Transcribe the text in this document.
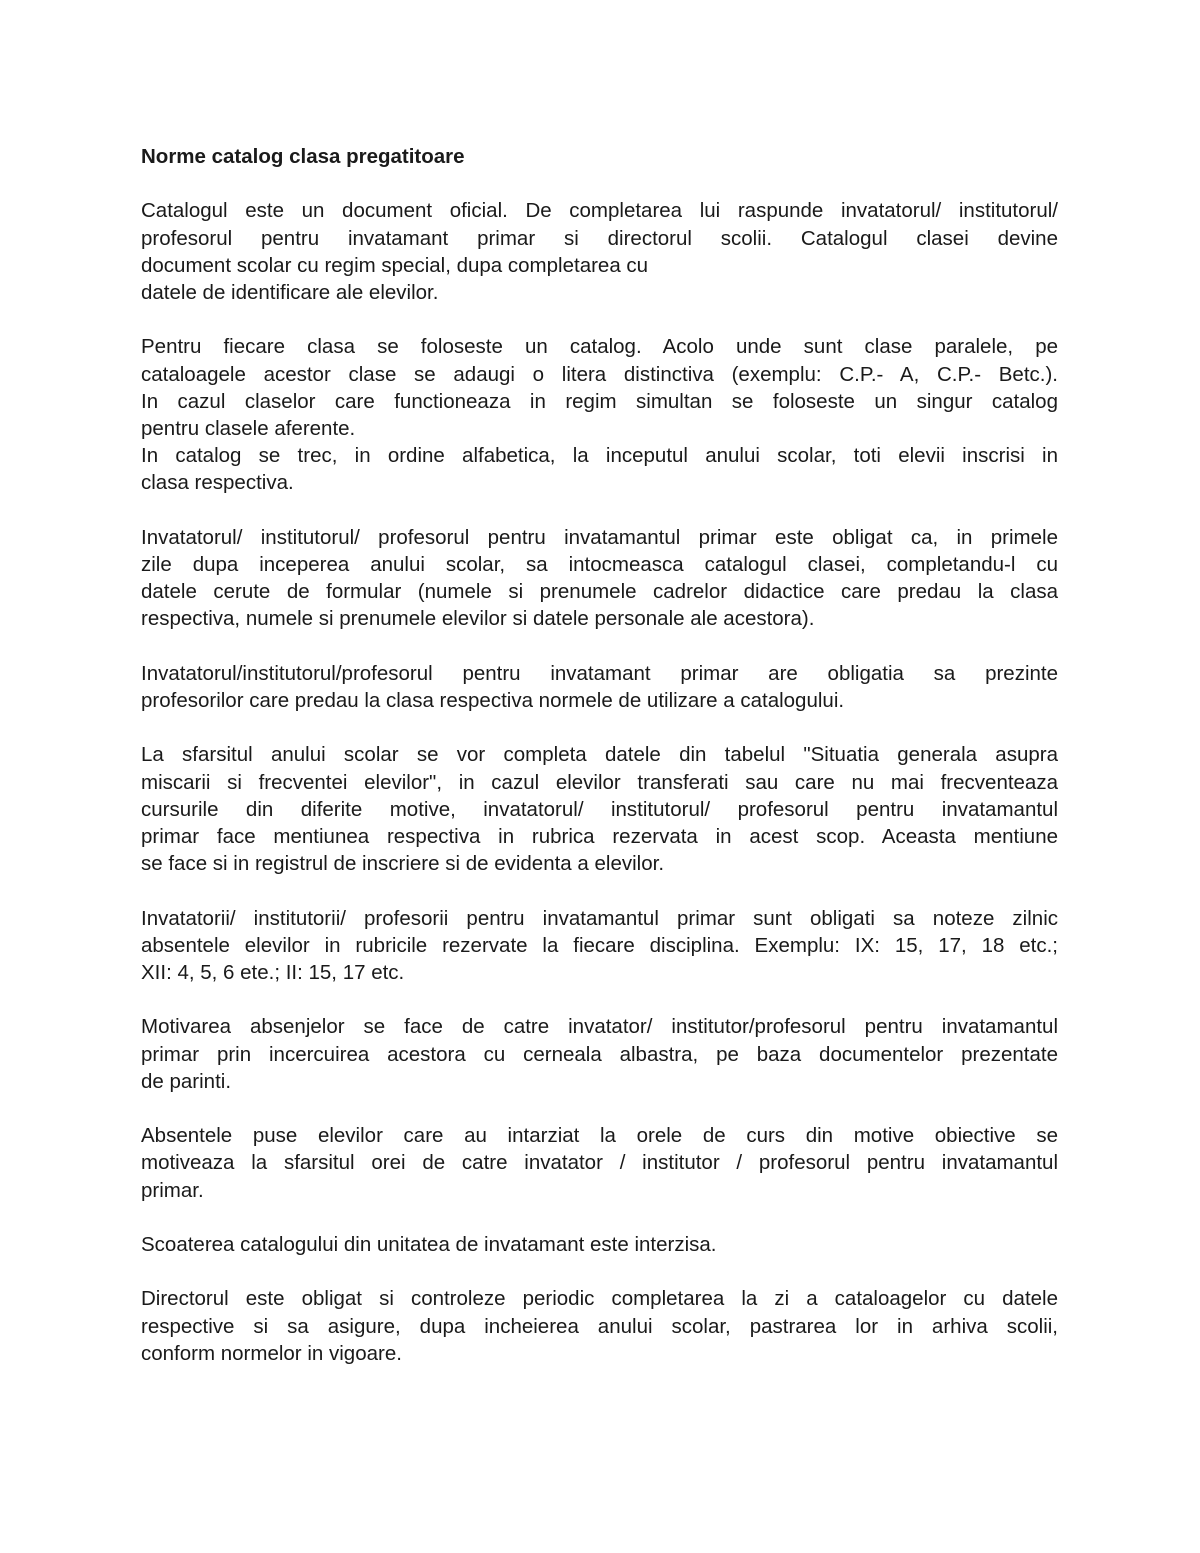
Norme catalog clasa pregatitoare
Catalogul este un document oficial. De completarea lui raspunde invatatorul/ institutorul/
profesorul pentru invatamant primar si directorul scolii. Catalogul clasei devine
document scolar cu regim special, dupa completarea cu
datele de identificare ale elevilor.
Pentru fiecare clasa se foloseste un catalog. Acolo unde sunt clase paralele, pe
cataloagele acestor clase se adaugi o litera distinctiva (exemplu: C.P.- A, C.P.- Betc.).
In cazul claselor care functioneaza in regim simultan se foloseste un singur catalog
pentru clasele aferente.
In catalog se trec, in ordine alfabetica, la inceputul anului scolar, toti elevii inscrisi in
clasa respectiva.
Invatatorul/ institutorul/ profesorul pentru invatamantul primar este obligat ca, in primele
zile dupa inceperea anului scolar, sa intocmeasca catalogul clasei, completandu-l cu
datele cerute de formular (numele si prenumele cadrelor didactice care predau la clasa
respectiva, numele si prenumele elevilor si datele personale ale acestora).
Invatatorul/institutorul/profesorul pentru invatamant primar are obligatia sa prezinte
profesorilor care predau la clasa respectiva normele de utilizare a catalogului.
La sfarsitul anului scolar se vor completa datele din tabelul "Situatia generala asupra
miscarii si frecventei elevilor", in cazul elevilor transferati sau care nu mai frecventeaza
cursurile din diferite motive, invatatorul/ institutorul/ profesorul pentru invatamantul
primar face mentiunea respectiva in rubrica rezervata in acest scop. Aceasta mentiune
se face si in registrul de inscriere si de evidenta a elevilor.
Invatatorii/ institutorii/ profesorii pentru invatamantul primar sunt obligati sa noteze zilnic
absentele elevilor in rubricile rezervate la fiecare disciplina. Exemplu: IX: 15, 17, 18 etc.;
XII: 4, 5, 6 ete.; II: 15, 17 etc.
Motivarea absenjelor se face de catre invatator/ institutor/profesorul pentru invatamantul
primar prin incercuirea acestora cu cerneala albastra, pe baza documentelor prezentate
de parinti.
Absentele puse elevilor care au intarziat la orele de curs din motive obiective se
motiveaza la sfarsitul orei de catre invatator / institutor / profesorul pentru invatamantul
primar.
Scoaterea catalogului din unitatea de invatamant este interzisa.
Directorul este obligat si controleze periodic completarea la zi a cataloagelor cu datele
respective si sa asigure, dupa incheierea anului scolar, pastrarea lor in arhiva scolii,
conform normelor in vigoare.
